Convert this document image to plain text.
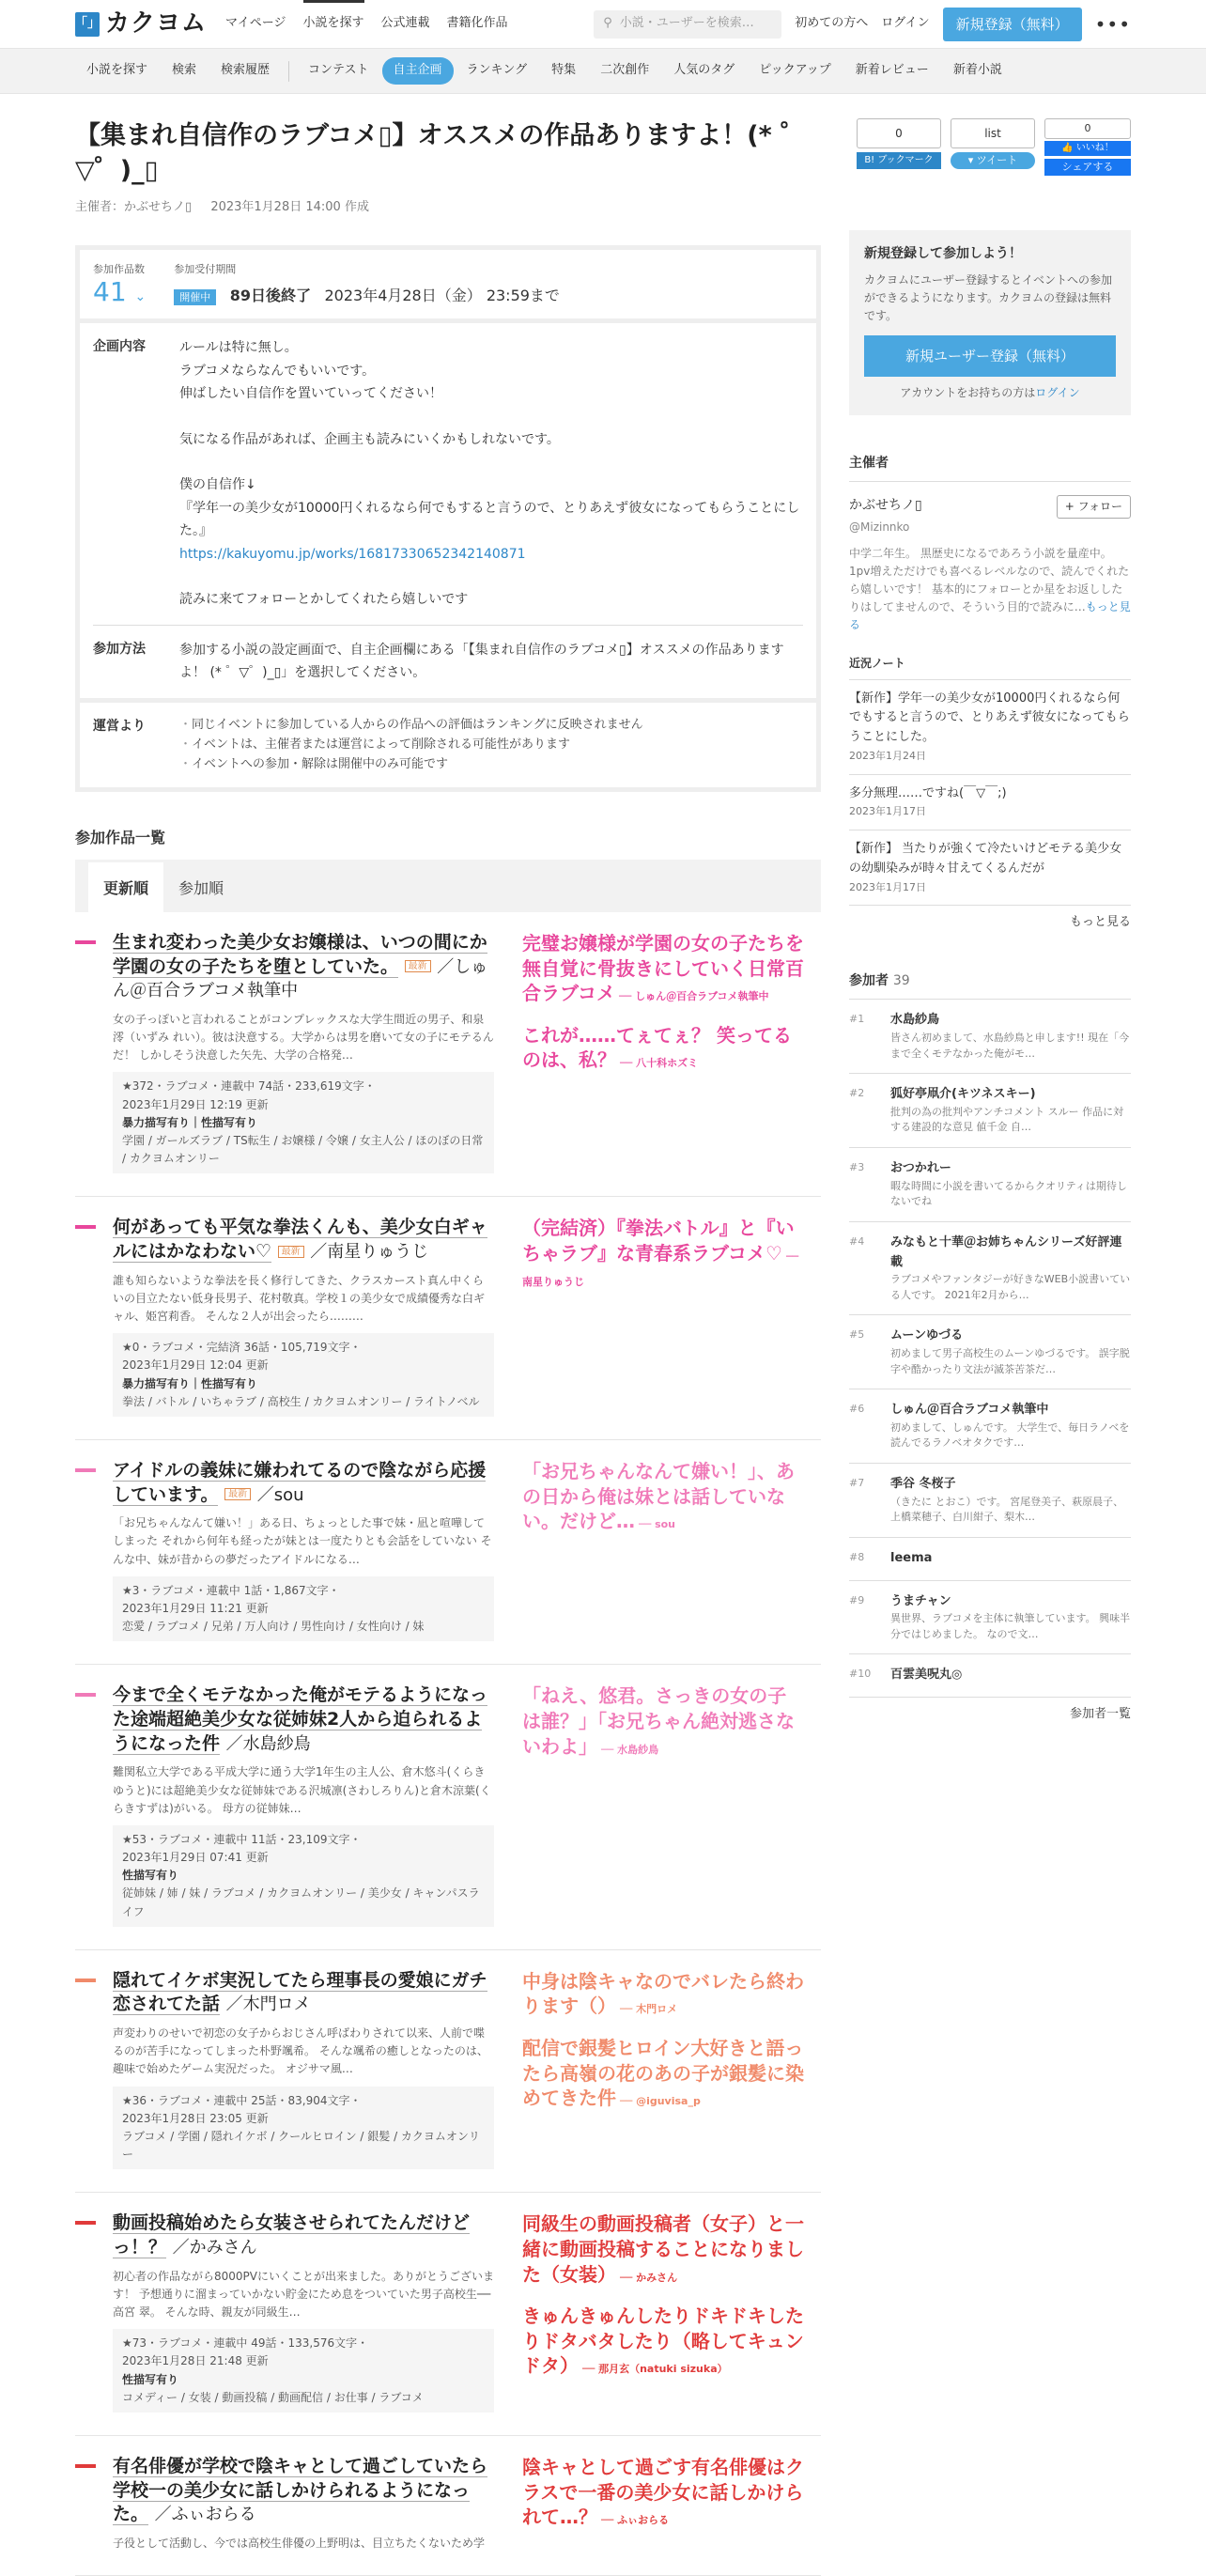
「」 カクヨム マイページ 小説を探す 公式連載 書籍化作品	⚲ 小説・ユーザーを検索…	初めての方へ ログイン	新規登録（無料）	•••
小説を探す	検索	検索履歴	コンテスト	自主企画	ランキング	特集	二次創作	人気のタグ	ピックアップ	新着レビュー	新着小説
【集まれ自信作のラブコメ▯】オススメの作品ありますよ！(* ゜▽゜)_▯
主催者：かぶせちノ▯ 2023年1月28日 14:00 作成
参加作品数
41 ⌄
参加受付期間
開催中 89日後終了 2023年4月28日（金） 23:59まで
企画内容	ルールは特に無し。
ラブコメならなんでもいいです。
伸ばしたい自信作を置いていってください！
気になる作品があれば、企画主も読みにいくかもしれないです。
僕の自信作↓
『学年一の美少女が10000円くれるなら何でもすると言うので、とりあえず彼女になってもらうことにした。』
https://kakuyomu.jp/works/16817330652342140871
読みに来てフォローとかしてくれたら嬉しいです
参加方法	参加する小説の設定画面で、自主企画欄にある「【集まれ自信作のラブコメ▯】オススメの作品ありますよ！ (* ゜▽゜)_▯」を選択してください。
運営より
・	同じイベントに参加している人からの作品への評価はランキングに反映されません
・ イベントは、主催者または運営によって削除される可能性があります
・ イベントへの参加・解除は開催中のみ可能です
参加作品一覧
更新順	参加順
生まれ変わった美少女お嬢様は、いつの間にか学園の女の子たちを堕としていた。 最新 ／しゅん＠百合ラブコメ執筆中
女の子っぽいと言われることがコンプレックスな大学生間近の男子、和泉澪（いずみ れい）。彼は決意する。大学からは男を磨いて女の子にモテるんだ！ しかしそう決意した矢先、大学の合格発…
★372・ラブコメ・連載中 74話・233,619文字・
2023年1月29日 12:19 更新
暴力描写有り｜性描写有り
学園 / ガールズラブ / TS転生 / お嬢様 / 令嬢 / 女主人公 / ほのぼの日常 / カクヨムオンリー
完璧お嬢様が学園の女の子たちを無自覚に骨抜きにしていく日常百合ラブコメ ── しゅん＠百合ラブコメ執筆中
これが……てぇてぇ？ 笑ってるのは、私？ ── 八十科ホズミ
何があっても平気な拳法くんも、美少女白ギャルにはかなわない♡ 最新 ／南星りゅうじ
誰も知らないような拳法を長く修行してきた、クラスカースト真ん中くらいの目立たない低身長男子、花村敬真。学校１の美少女で成績優秀な白ギャル、姫宮莉香。 そんな２人が出会ったら………
★0・ラブコメ・完結済 36話・105,719文字・
2023年1月29日 12:04 更新
暴力描写有り｜性描写有り
拳法 / バトル / いちゃラブ / 高校生 / カクヨムオンリー / ライトノベル
（完結済）『拳法バトル』と『いちゃラブ』な青春系ラブコメ♡ ── 南星りゅうじ
アイドルの義妹に嫌われてるので陰ながら応援しています。 最新 ／sou
「お兄ちゃんなんて嫌い！」ある日、ちょっとした事で妹・凪と喧嘩してしまった それから何年も経ったが妹とは一度たりとも会話をしていない そんな中、妹が昔からの夢だったアイドルになる…
★3・ラブコメ・連載中 1話・1,867文字・
2023年1月29日 11:21 更新
恋愛 / ラブコメ / 兄弟 / 万人向け / 男性向け / 女性向け / 妹
「お兄ちゃんなんて嫌い！」、あの日から俺は妹とは話していない。だけど… ── sou
今まで全くモテなかった俺がモテるようになった途端超絶美少女な従姉妹2人から迫られるようになった件 ／水島紗鳥
難関私立大学である平成大学に通う大学1年生の主人公、倉木悠斗(くらきゆうと)には超絶美少女な従姉妹である沢城凛(さわしろりん)と倉木涼葉(くらきすずは)がいる。 母方の従姉妹…
★53・ラブコメ・連載中 11話・23,109文字・
2023年1月29日 07:41 更新
性描写有り
従姉妹 / 姉 / 妹 / ラブコメ / カクヨムオンリー / 美少女 / キャンパスライフ
「ねえ、悠君。さっきの女の子は誰？」「お兄ちゃん絶対逃さないわよ」 ── 水島紗鳥
隠れてイケボ実況してたら理事長の愛娘にガチ恋されてた話 ／木門ロメ
声変わりのせいで初恋の女子からおじさん呼ばわりされて以来、人前で喋るのが苦手になってしまった朴野颯希。 そんな颯希の癒しとなったのは、趣味で始めたゲーム実況だった。 オジサマ風…
★36・ラブコメ・連載中 25話・83,904文字・
2023年1月28日 23:05 更新
ラブコメ / 学園 / 隠れイケボ / クールヒロイン / 銀髪 / カクヨムオンリー
中身は陰キャなのでバレたら終わります（） ── 木門ロメ
配信で銀髪ヒロイン大好きと語ったら高嶺の花のあの子が銀髪に染めてきた件 ── @iguvisa_p
動画投稿始めたら女装させられてたんだけどっ！？ ／かみさん
初心者の作品ながら8000PVにいくことが出来ました。ありがとうございます！ 予想通りに溜まっていかない貯金にため息をついていた男子高校生──高宮 翠。 そんな時、親友が同級生…
★73・ラブコメ・連載中 49話・133,576文字・
2023年1月28日 21:48 更新
性描写有り
コメディー / 女装 / 動画投稿 / 動画配信 / お仕事 / ラブコメ
同級生の動画投稿者（女子）と一緒に動画投稿することになりました（女装） ── かみさん
きゅんきゅんしたりドキドキしたりドタバタしたり（略してキュンドタ） ── 那月玄（natuki sizuka）
有名俳優が学校で陰キャとして過ごしていたら学校一の美少女に話しかけられるようになった。 ／ふぃおらる
子役として活動し、今では高校生俳優の上野明は、目立ちたくないため学
陰キャとして過ごす有名俳優はクラスで一番の美少女に話しかけられて…？ ── ふぃおらる
0
B! ブックマーク
list
▾ ツイート
0
👍 いいね！
シェアする
新規登録して参加しよう！

カクヨムにユーザー登録するとイベントへの参加ができるようになります。カクヨムの登録は無料です。

新規ユーザー登録（無料）
アカウントをお持ちの方はログイン
主催者
かぶせちノ▯	+ フォロー
@Mizinnko
中学二年生。 黒歴史になるであろう小説を量産中。 1pv増えただけでも喜べるレベルなので、読んでくれたら嬉しいです！ 基本的にフォローとか星をお返ししたりはしてませんので、そういう目的で読みに…もっと見る
近況ノート
【新作】学年一の美少女が10000円くれるなら何でもすると言うので、とりあえず彼女になってもらうことにした。
2023年1月24日
多分無理……ですね(￣▽￣;)
2023年1月17日
【新作】 当たりが強くて冷たいけどモテる美少女の幼馴染みが時々甘えてくるんだが
2023年1月17日
もっと見る
参加者 39
#1	水島紗鳥
皆さん初めまして、水島紗鳥と申します!! 現在「今まで全くモテなかった俺がモ…
#2	狐好亭凧介(キツネスキー)
批判の為の批判やアンチコメント スルー 作品に対する建設的な意見 値千金 自…
#3	おつかれー
暇な時間に小説を書いてるからクオリティは期待しないでね
#4	みなもと十華＠お姉ちゃんシリーズ好評連載
ラブコメやファンタジーが好きなWEB小説書いている人です。 2021年2月から…
#5	ムーンゆづる
初めまして男子高校生のムーンゆづるです。 誤字脱字や酷かったり文法が滅茶苦茶だ…
#6	しゅん＠百合ラブコメ執筆中
初めまして、しゅんです。 大学生で、毎日ラノベを読んでるラノベオタクです…
#7	季谷 冬桜子
（きたに とおこ）です。 宮尾登美子、萩原晨子、上橋菜穂子、白川紺子、梨木…
#8	leema
#9	うまチャン
異世界、ラブコメを主体に執筆しています。 興味半分ではじめました。 なので文…
#10	百雲美呪丸◎
参加者一覧
